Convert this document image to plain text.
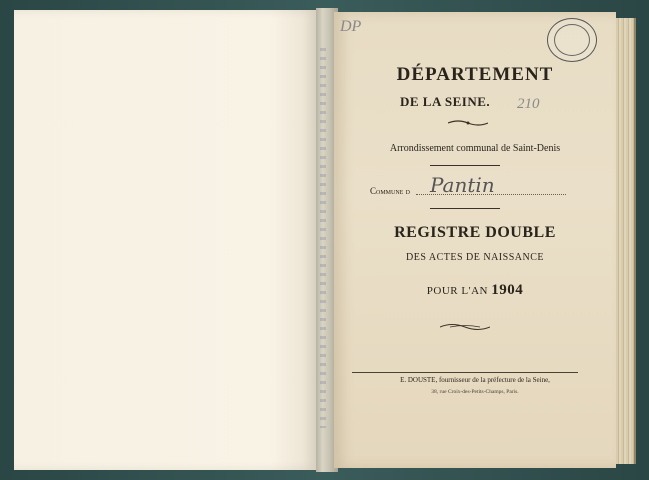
DP
DÉPARTEMENT
DE LA SEINE. 210
Arrondissement communal de Saint-Denis
Commune d Pantin
REGISTRE DOUBLE
DES ACTES DE NAISSANCE
POUR L'AN 1904
E. DOUSTE, fournisseur de la préfecture de la Seine,
38, rue Croix-des-Petits-Champs, Paris.
